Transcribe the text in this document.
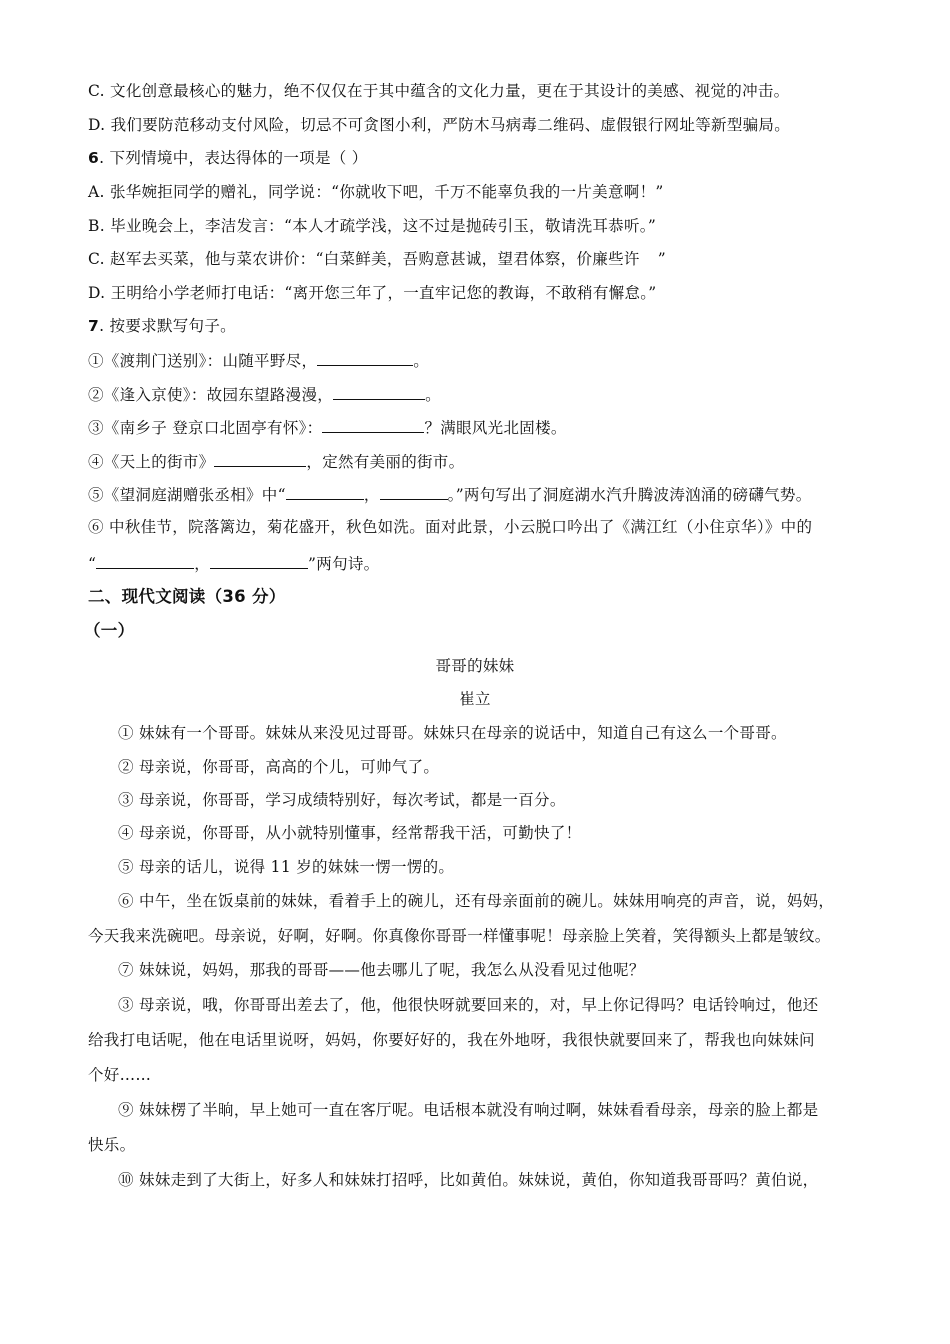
C. 文化创意最核心的魅力，绝不仅仅在于其中蕴含的文化力量，更在于其设计的美感、视觉的冲击。
D. 我们要防范移动支付风险，切忌不可贪图小利，严防木马病毒二维码、虚假银行网址等新型骗局。
6. 下列情境中，表达得体的一项是（ ）
A. 张华婉拒同学的赠礼，同学说：“你就收下吧，千万不能辜负我的一片美意啊！”
B. 毕业晚会上，李洁发言：“本人才疏学浅，这不过是抛砖引玉，敬请洗耳恭听。”
C. 赵军去买菜，他与菜农讲价：“白菜鲜美，吾购意甚诚，望君体察，价廉些许 ”
D. 王明给小学老师打电话：“离开您三年了，一直牢记您的教诲，不敢稍有懈怠。”
7. 按要求默写句子。
①《渡荆门送别》：山随平野尽，	。
②《逢入京使》：故园东望路漫漫，	。
③《南乡子 登京口北固亭有怀》：	？满眼风光北固楼。
④《天上的街市》	，定然有美丽的街市。
⑤《望洞庭湖赠张丞相》中“	，	。”两句写出了洞庭湖水汽升腾波涛汹涌的磅礴气势。
⑥ 中秋佳节，院落篱边，菊花盛开，秋色如洗。面对此景，小云脱口吟出了《满江红（小住京华）》中的
“	，	”两句诗。
二、现代文阅读（36 分）
（一）
哥哥的妹妹
崔立
① 妹妹有一个哥哥。妹妹从来没见过哥哥。妹妹只在母亲的说话中，知道自己有这么一个哥哥。
② 母亲说，你哥哥，高高的个儿，可帅气了。
③ 母亲说，你哥哥，学习成绩特别好，每次考试，都是一百分。
④ 母亲说，你哥哥，从小就特别懂事，经常帮我干活，可勤快了！
⑤ 母亲的话儿，说得 11 岁的妹妹一愣一愣的。
⑥ 中午，坐在饭桌前的妹妹，看着手上的碗儿，还有母亲面前的碗儿。妹妹用响亮的声音，说，妈妈，
今天我来洗碗吧。母亲说，好啊，好啊。你真像你哥哥一样懂事呢！母亲脸上笑着，笑得额头上都是皱纹。
⑦ 妹妹说，妈妈，那我的哥哥——他去哪儿了呢，我怎么从没看见过他呢？
③ 母亲说，哦，你哥哥出差去了，他，他很快呀就要回来的，对，早上你记得吗？电话铃响过，他还
给我打电话呢，他在电话里说呀，妈妈，你要好好的，我在外地呀，我很快就要回来了，帮我也向妹妹问
个好……
⑨ 妹妹楞了半晌，早上她可一直在客厅呢。电话根本就没有响过啊，妹妹看看母亲，母亲的脸上都是
快乐。
⑩ 妹妹走到了大街上，好多人和妹妹打招呼，比如黄伯。妹妹说，黄伯，你知道我哥哥吗？黄伯说，
